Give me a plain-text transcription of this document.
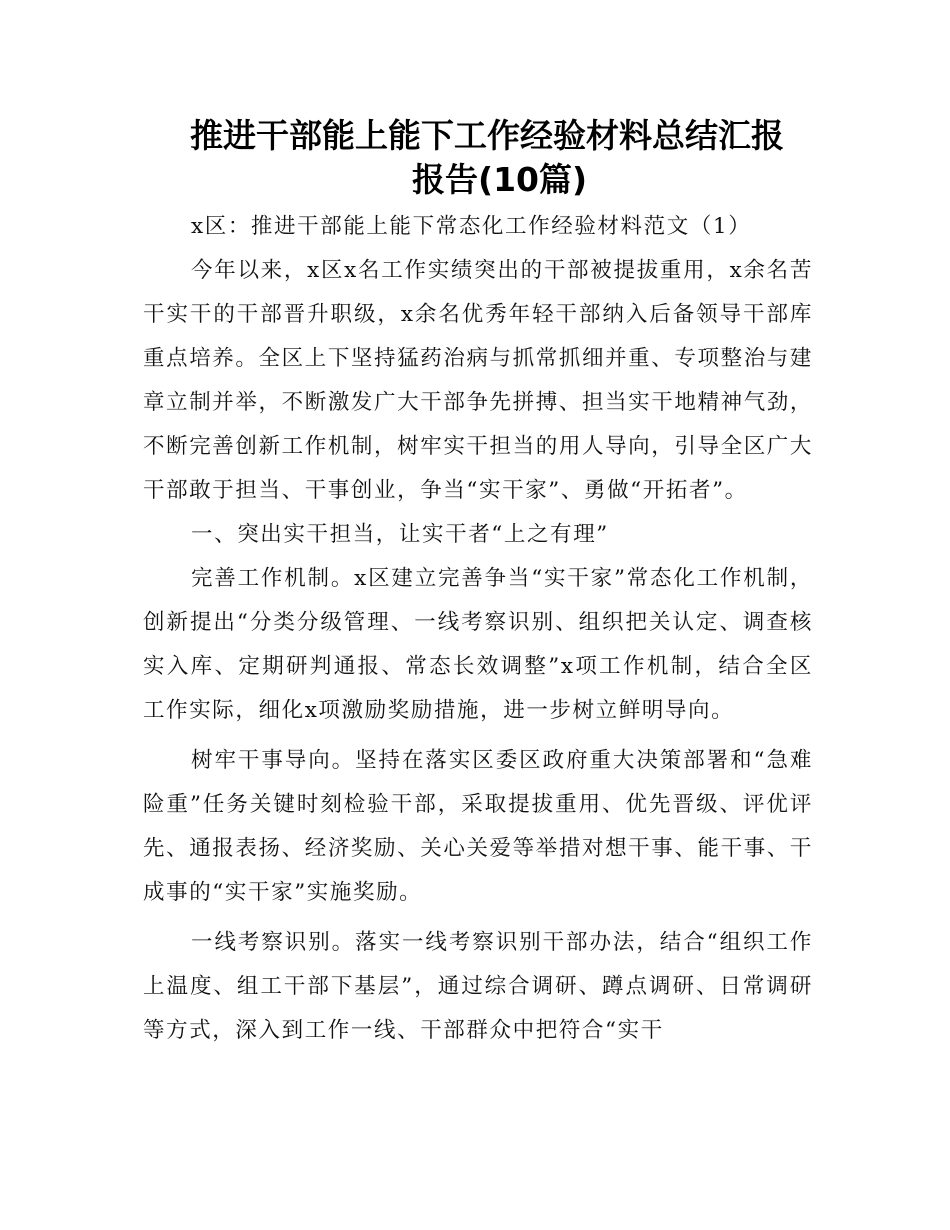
推进干部能上能下工作经验材料总结汇报
报告(10篇)

x区：推进干部能上能下常态化工作经验材料范文（1）

今年以来，x区x名工作实绩突出的干部被提拔重用，x余名苦干实干的干部晋升职级，x余名优秀年轻干部纳入后备领导干部库重点培养。全区上下坚持猛药治病与抓常抓细并重、专项整治与建章立制并举，不断激发广大干部争先拼搏、担当实干地精神气劲，不断完善创新工作机制，树牢实干担当的用人导向，引导全区广大干部敢于担当、干事创业，争当“实干家”、勇做“开拓者”。

一、突出实干担当，让实干者“上之有理”

完善工作机制。x区建立完善争当“实干家”常态化工作机制，创新提出“分类分级管理、一线考察识别、组织把关认定、调查核实入库、定期研判通报、常态长效调整”x项工作机制，结合全区工作实际，细化x项激励奖励措施，进一步树立鲜明导向。

树牢干事导向。坚持在落实区委区政府重大决策部署和“急难险重”任务关键时刻检验干部，采取提拔重用、优先晋级、评优评先、通报表扬、经济奖励、关心关爱等举措对想干事、能干事、干成事的“实干家”实施奖励。

一线考察识别。落实一线考察识别干部办法，结合“组织工作上温度、组工干部下基层”，通过综合调研、蹲点调研、日常调研等方式，深入到工作一线、干部群众中把符合“实干
